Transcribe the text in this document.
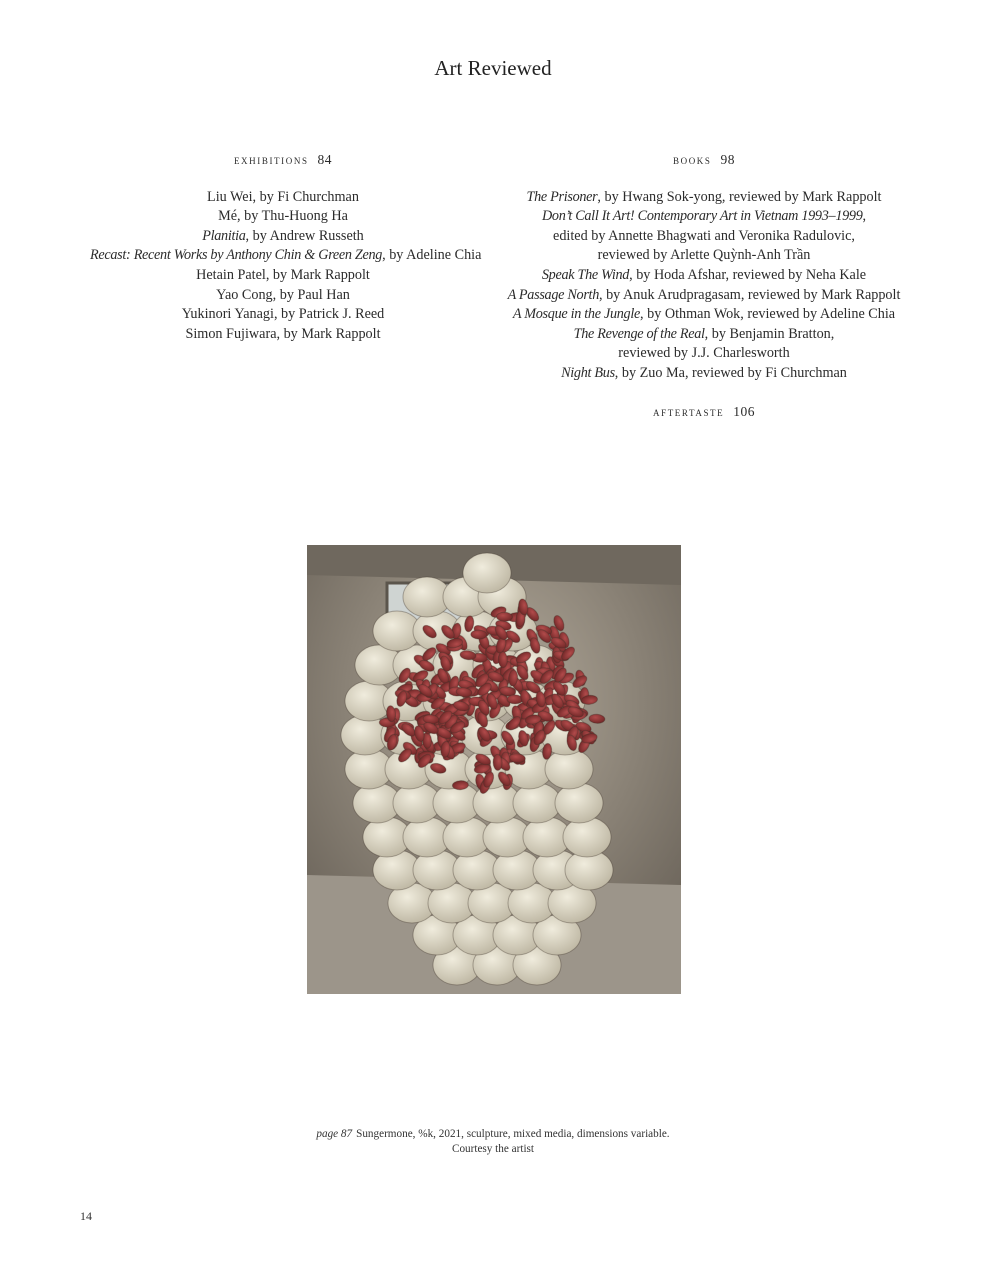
Art Reviewed
exhibitions 84
Liu Wei, by Fi Churchman
Mé, by Thu-Huong Ha
Planitia, by Andrew Russeth
Recast: Recent Works by Anthony Chin & Green Zeng, by Adeline Chia
Hetain Patel, by Mark Rappolt
Yao Cong, by Paul Han
Yukinori Yanagi, by Patrick J. Reed
Simon Fujiwara, by Mark Rappolt
books 98
The Prisoner, by Hwang Sok-yong, reviewed by Mark Rappolt
Don’t Call It Art! Contemporary Art in Vietnam 1993–1999,
edited by Annette Bhagwati and Veronika Radulovic,
reviewed by Arlette Quỳnh-Anh Trần
Speak The Wind, by Hoda Afshar, reviewed by Neha Kale
A Passage North, by Anuk Arudpragasam, reviewed by Mark Rappolt
A Mosque in the Jungle, by Othman Wok, reviewed by Adeline Chia
The Revenge of the Real, by Benjamin Bratton,
reviewed by J.J. Charlesworth
Night Bus, by Zuo Ma, reviewed by Fi Churchman
aftertaste 106
page 87 Sungermone, %k, 2021, sculpture, mixed media, dimensions variable.
Courtesy the artist
14
